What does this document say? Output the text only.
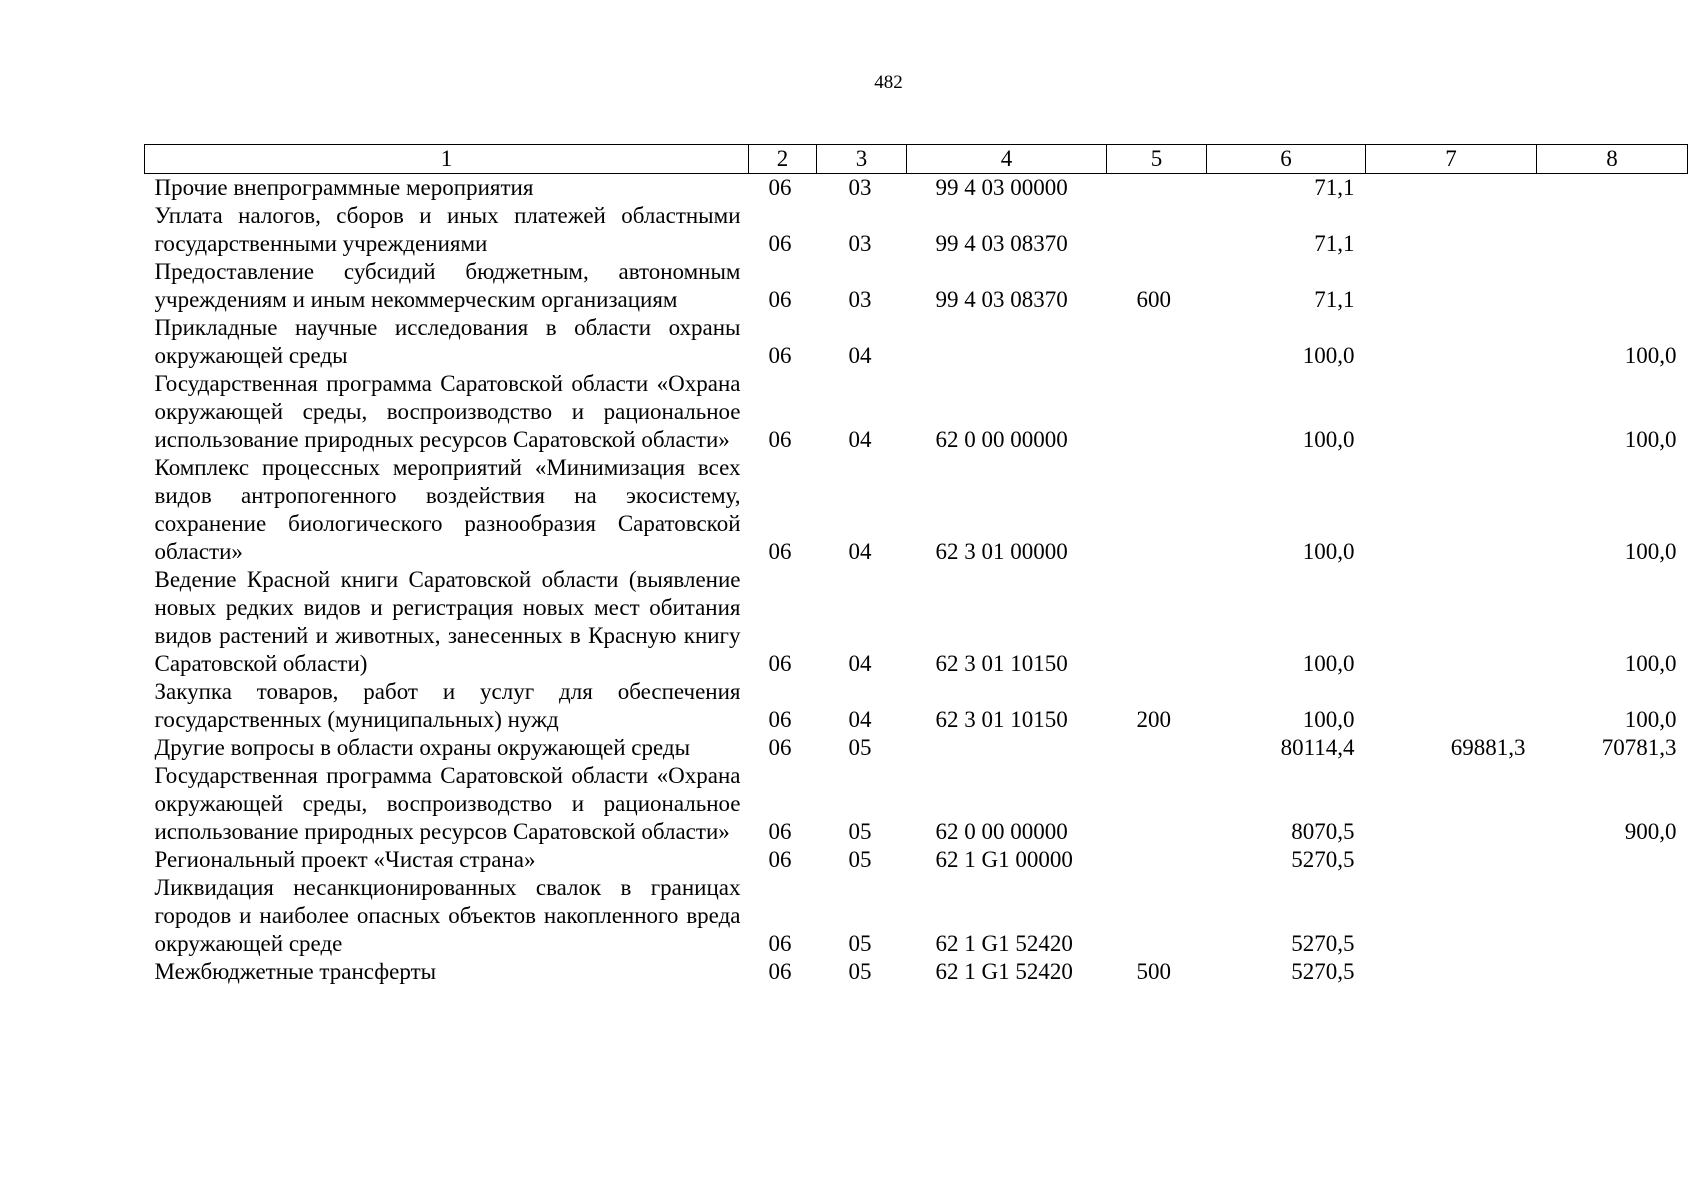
482
1	2	3	4	5	6	7	8
Прочие внепрограммные мероприятия	06	03	99 4 03 00000		71,1		
Уплата налогов, сборов и иных платежей областными государственными учреждениями	06	03	99 4 03 08370		71,1		
Предоставление субсидий бюджетным, автономным учреждениям и иным некоммерческим организациям	06	03	99 4 03 08370	600	71,1		
Прикладные научные исследования в области охраны окружающей среды	06	04			100,0		100,0
Государственная программа Саратовской области «Охрана окружающей среды, воспроизводство и рациональное использование природных ресурсов Саратовской области»	06	04	62 0 00 00000		100,0		100,0
Комплекс процессных мероприятий «Минимизация всех видов антропогенного воздействия на экосистему, сохранение биологического разнообразия Саратовской области»	06	04	62 3 01 00000		100,0		100,0
Ведение Красной книги Саратовской области (выявление новых редких видов и регистрация новых мест обитания видов растений и животных, занесенных в Красную книгу Саратовской области)	06	04	62 3 01 10150		100,0		100,0
Закупка товаров, работ и услуг для обеспечения государственных (муниципальных) нужд	06	04	62 3 01 10150	200	100,0		100,0
Другие вопросы в области охраны окружающей среды	06	05			80114,4	69881,3	70781,3
Государственная программа Саратовской области «Охрана окружающей среды, воспроизводство и рациональное использование природных ресурсов Саратовской области»	06	05	62 0 00 00000		8070,5		900,0
Региональный проект «Чистая страна»	06	05	62 1 G1 00000		5270,5		
Ликвидация несанкционированных свалок в границах городов и наиболее опасных объектов накопленного вреда окружающей среде	06	05	62 1 G1 52420		5270,5		
Межбюджетные трансферты	06	05	62 1 G1 52420	500	5270,5		
